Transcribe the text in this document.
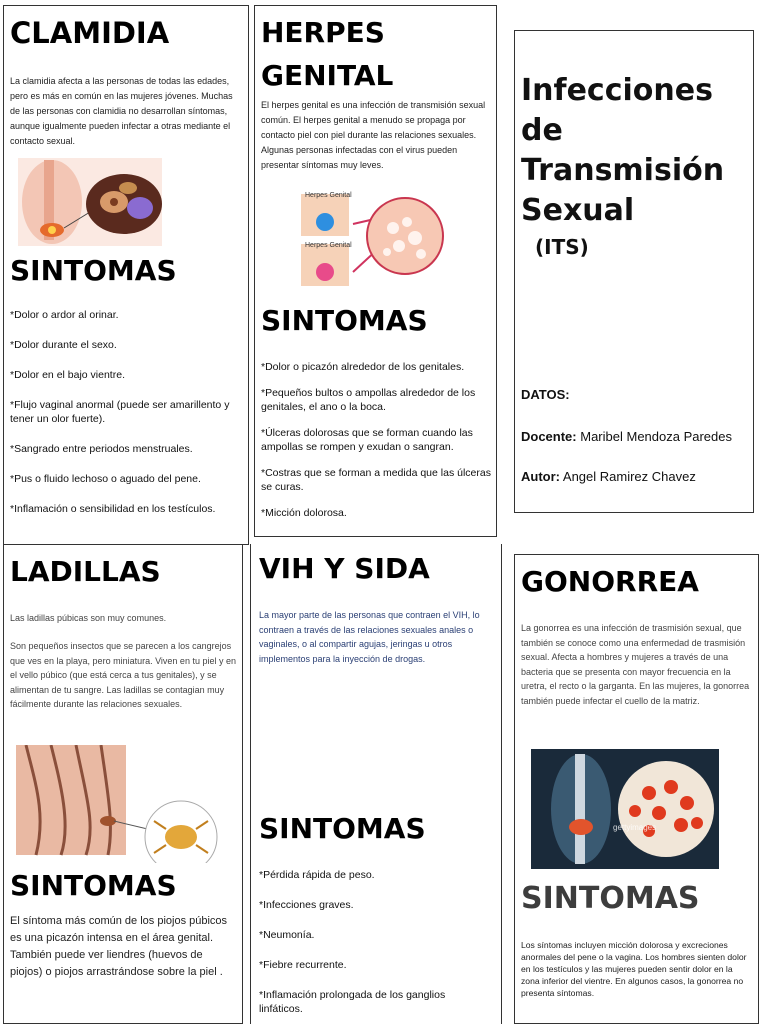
CLAMIDIA
La clamidia afecta a las personas de todas las edades, pero es más en común en las mujeres jóvenes. Muchas de las personas con clamidia no desarrollan síntomas, aunque igualmente pueden infectar a otras mediante el contacto sexual.
SINTOMAS

*Dolor o ardor al orinar.

*Dolor durante el sexo.

*Dolor en el bajo vientre.

*Flujo vaginal anormal (puede ser amarillento y tener un olor fuerte).

*Sangrado entre periodos menstruales.

*Pus o fluido lechoso o aguado del pene.

*Inflamación o sensibilidad en los testículos.

HERPES
GENITAL
El herpes genital es una infección de transmisión sexual común. El herpes genital a menudo se propaga por contacto piel con piel durante las relaciones sexuales. Algunas personas infectadas con el virus pueden presentar síntomas muy leves.
Herpes Genital
Herpes Genital
SINTOMAS

*Dolor o picazón alrededor de los genitales.

*Pequeños bultos o ampollas alrededor de los genitales, el ano o la boca.

*Úlceras dolorosas que se forman cuando las ampollas se rompen y exudan o sangran.

*Costras que se forman a medida que las úlceras se curas.

*Micción dolorosa.

Infecciones
de
Transmisión
Sexual
(ITS)
DATOS:
Docente: Maribel Mendoza Paredes
Autor: Angel Ramirez Chavez
LADILLAS
Las ladillas púbicas son muy comunes.
Son pequeños insectos que se parecen a los cangrejos que ves en la playa, pero miniatura. Viven en tu piel y en el vello púbico (que está cerca a tus genitales), y se alimentan de tu sangre. Las ladillas se contagian muy fácilmente durante las relaciones sexuales.
SINTOMAS
El síntoma más común de los piojos púbicos es una picazón intensa en el área genital. También puede ver liendres (huevos de piojos) o piojos arrastrándose sobre la piel .
VIH Y SIDA
La mayor parte de las personas que contraen el VIH, lo contraen a través de las relaciones sexuales anales o vaginales, o al compartir agujas, jeringas u otros implementos para la inyección de drogas.
SINTOMAS

*Pérdida rápida de peso.

*Infecciones graves.

*Neumonía.

*Fiebre recurrente.

*Inflamación prolongada de los ganglios linfáticos.

GONORREA
La gonorrea es una infección de trasmisión sexual, que también se conoce como una enfermedad de trasmisión sexual. Afecta a hombres y mujeres a través de una bacteria que se presenta con mayor frecuencia en la uretra, el recto o la garganta. En las mujeres, la gonorrea también puede infectar el cuello de la matriz.
gettyimages
SINTOMAS
Los síntomas incluyen micción dolorosa y excreciones anormales del pene o la vagina. Los hombres sienten dolor en los testículos y las mujeres pueden sentir dolor en la zona inferior del vientre. En algunos casos, la gonorrea no presenta síntomas.
